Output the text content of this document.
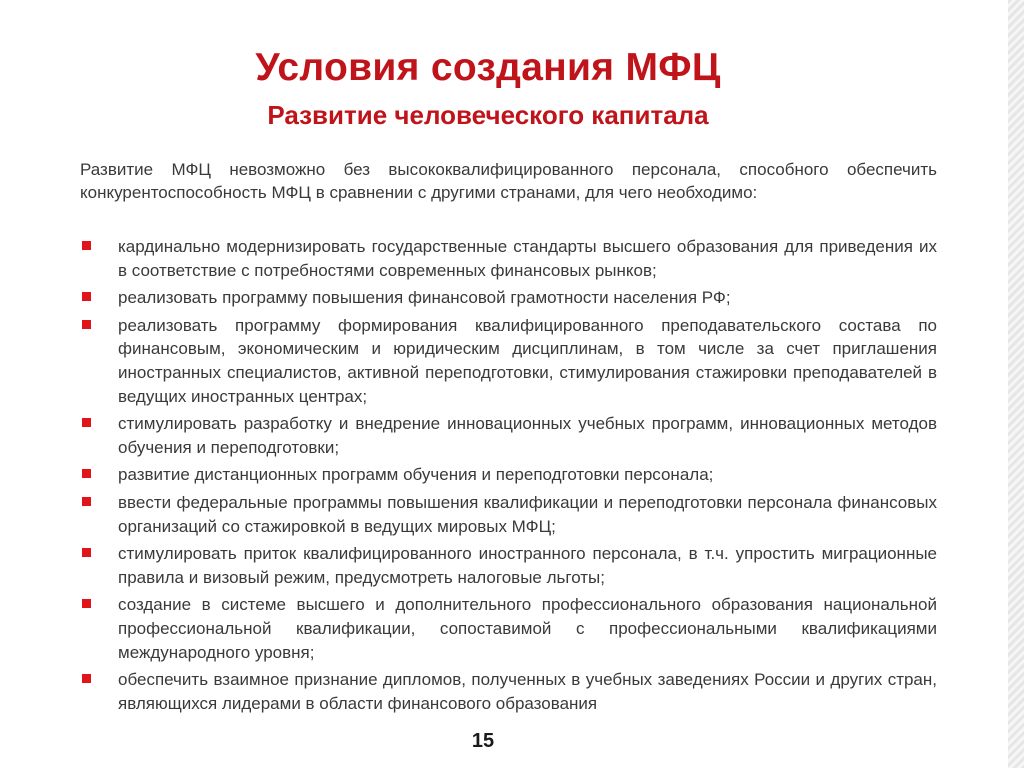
Условия создания МФЦ
Развитие человеческого капитала
Развитие МФЦ невозможно без высококвалифицированного персонала, способного обеспечить конкурентоспособность МФЦ в сравнении с другими странами, для чего необходимо:
кардинально модернизировать государственные стандарты высшего образования для приведения их в соответствие с потребностями современных финансовых рынков;
реализовать программу повышения финансовой грамотности населения РФ;
реализовать программу формирования квалифицированного преподавательского состава по финансовым, экономическим и юридическим дисциплинам, в том числе за счет приглашения иностранных специалистов, активной переподготовки, стимулирования стажировки преподавателей в ведущих иностранных центрах;
стимулировать разработку и внедрение инновационных учебных программ, инновационных методов обучения и переподготовки;
развитие дистанционных программ обучения и переподготовки персонала;
ввести федеральные программы повышения квалификации и переподготовки персонала финансовых организаций со стажировкой в ведущих мировых МФЦ;
стимулировать приток квалифицированного иностранного персонала, в т.ч. упростить миграционные правила и визовый режим, предусмотреть налоговые льготы;
создание в системе высшего и дополнительного профессионального образования национальной профессиональной квалификации, сопоставимой с профессиональными квалификациями международного уровня;
обеспечить взаимное признание дипломов, полученных в учебных заведениях России и других стран, являющихся лидерами в области финансового образования
15
